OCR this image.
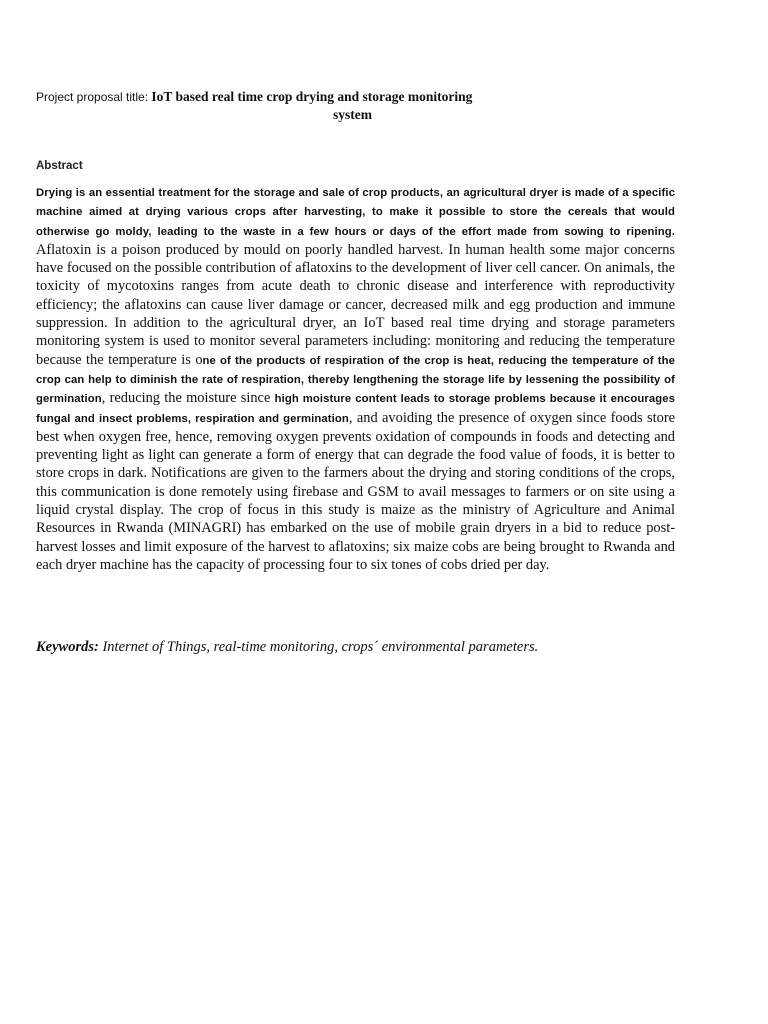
Project proposal title: IoT based real time crop drying and storage monitoring
system
Abstract
Drying is an essential treatment for the storage and sale of crop products, an agricultural dryer is made of a specific machine aimed at drying various crops after harvesting, to make it possible to store the cereals that would otherwise go moldy, leading to the waste in a few hours or days of the effort made from sowing to ripening. Aflatoxin is a poison produced by mould on poorly handled harvest. In human health some major concerns have focused on the possible contribution of aflatoxins to the development of liver cell cancer. On animals, the toxicity of mycotoxins ranges from acute death to chronic disease and interference with reproductivity efficiency; the aflatoxins can cause liver damage or cancer, decreased milk and egg production and immune suppression. In addition to the agricultural dryer, an IoT based real time drying and storage parameters monitoring system is used to monitor several parameters including: monitoring and reducing the temperature because the temperature is one of the products of respiration of the crop is heat, reducing the temperature of the crop can help to diminish the rate of respiration, thereby lengthening the storage life by lessening the possibility of germination, reducing the moisture since high moisture content leads to storage problems because it encourages fungal and insect problems, respiration and germination, and avoiding the presence of oxygen since foods store best when oxygen free, hence, removing oxygen prevents oxidation of compounds in foods and detecting and preventing light as light can generate a form of energy that can degrade the food value of foods, it is better to store crops in dark. Notifications are given to the farmers about the drying and storing conditions of the crops, this communication is done remotely using firebase and GSM to avail messages to farmers or on site using a liquid crystal display. The crop of focus in this study is maize as the ministry of Agriculture and Animal Resources in Rwanda (MINAGRI) has embarked on the use of mobile grain dryers in a bid to reduce post-harvest losses and limit exposure of the harvest to aflatoxins; six maize cobs are being brought to Rwanda and each dryer machine has the capacity of processing four to six tones of cobs dried per day.
Keywords: Internet of Things, real-time monitoring, crops´ environmental parameters.
